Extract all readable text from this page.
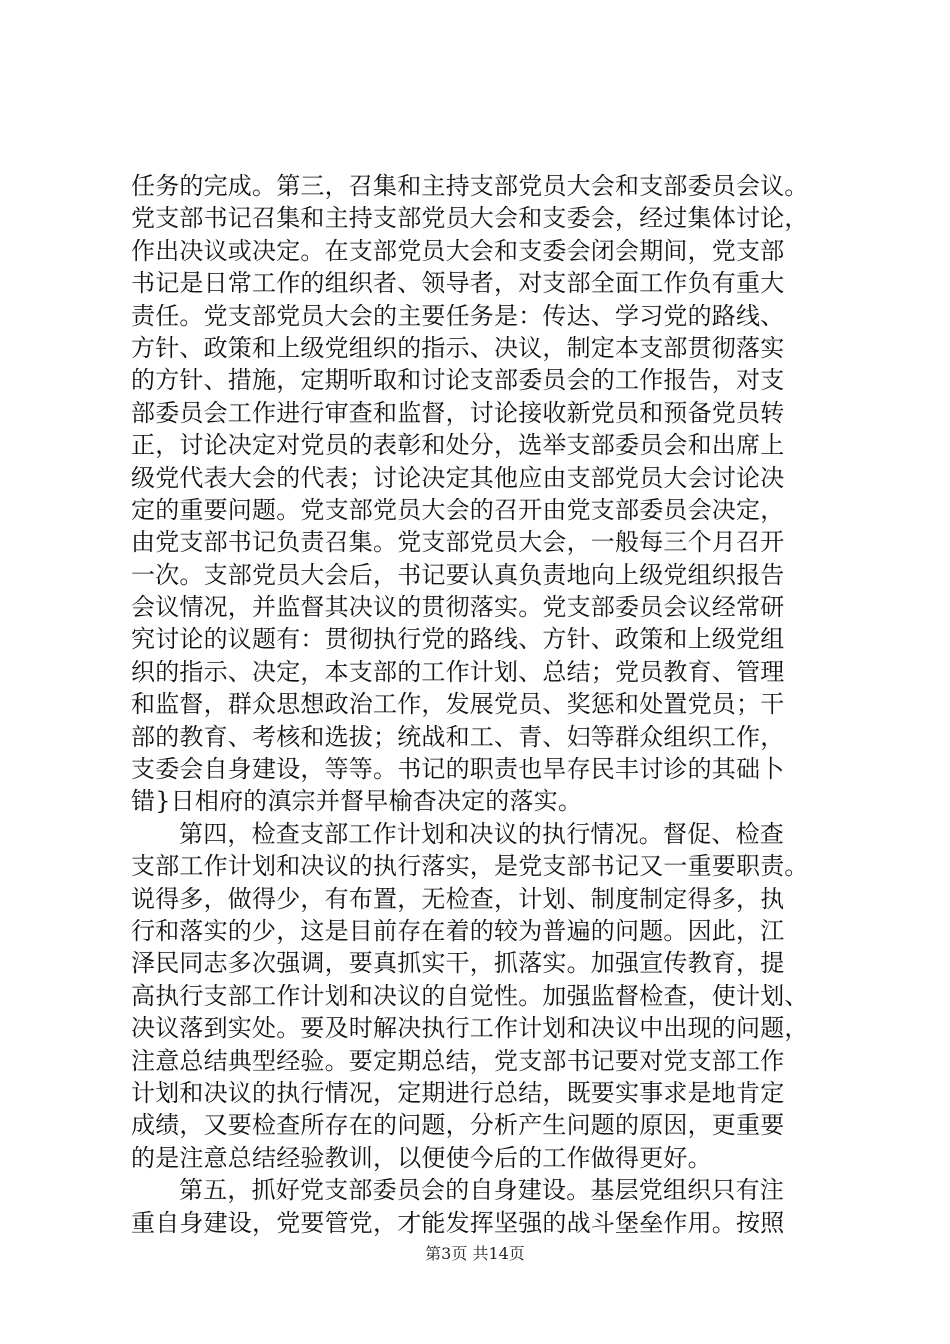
任务的完成。第三，召集和主持支部党员大会和支部委员会议。
党支部书记召集和主持支部党员大会和支委会，经过集体讨论，
作出决议或决定。在支部党员大会和支委会闭会期间，党支部
书记是日常工作的组织者、领导者，对支部全面工作负有重大
责任。党支部党员大会的主要任务是：传达、学习党的路线、
方针、政策和上级党组织的指示、决议，制定本支部贯彻落实
的方针、措施，定期听取和讨论支部委员会的工作报告，对支
部委员会工作进行审查和监督，讨论接收新党员和预备党员转
正，讨论决定对党员的表彰和处分，选举支部委员会和出席上
级党代表大会的代表；讨论决定其他应由支部党员大会讨论决
定的重要问题。党支部党员大会的召开由党支部委员会决定，
由党支部书记负责召集。党支部党员大会，一般每三个月召开
一次。支部党员大会后，书记要认真负责地向上级党组织报告
会议情况，并监督其决议的贯彻落实。党支部委员会议经常研
究讨论的议题有：贯彻执行党的路线、方针、政策和上级党组
织的指示、决定，本支部的工作计划、总结；党员教育、管理
和监督，群众思想政治工作，发展党员、奖惩和处置党员；干
部的教育、考核和选拔；统战和工、青、妇等群众组织工作，
支委会自身建设，等等。书记的职责也旱存民丰讨诊的其础卜
错}日相府的滇宗并督早榆杳决定的落实。
第四，检查支部工作计划和决议的执行情况。督促、检查
支部工作计划和决议的执行落实，是党支部书记又一重要职责。
说得多，做得少，有布置，无检查，计划、制度制定得多，执
行和落实的少，这是目前存在着的较为普遍的问题。因此，江
泽民同志多次强调，要真抓实干，抓落实。加强宣传教育，提
高执行支部工作计划和决议的自觉性。加强监督检查，使计划、
决议落到实处。要及时解决执行工作计划和决议中出现的问题，
注意总结典型经验。要定期总结，党支部书记要对党支部工作
计划和决议的执行情况，定期进行总结，既要实事求是地肯定
成绩，又要检查所存在的问题，分析产生问题的原因，更重要
的是注意总结经验教训，以便使今后的工作做得更好。
第五，抓好党支部委员会的自身建设。基层党组织只有注
重自身建设，党要管党，才能发挥坚强的战斗堡垒作用。按照
第3页 共14页
